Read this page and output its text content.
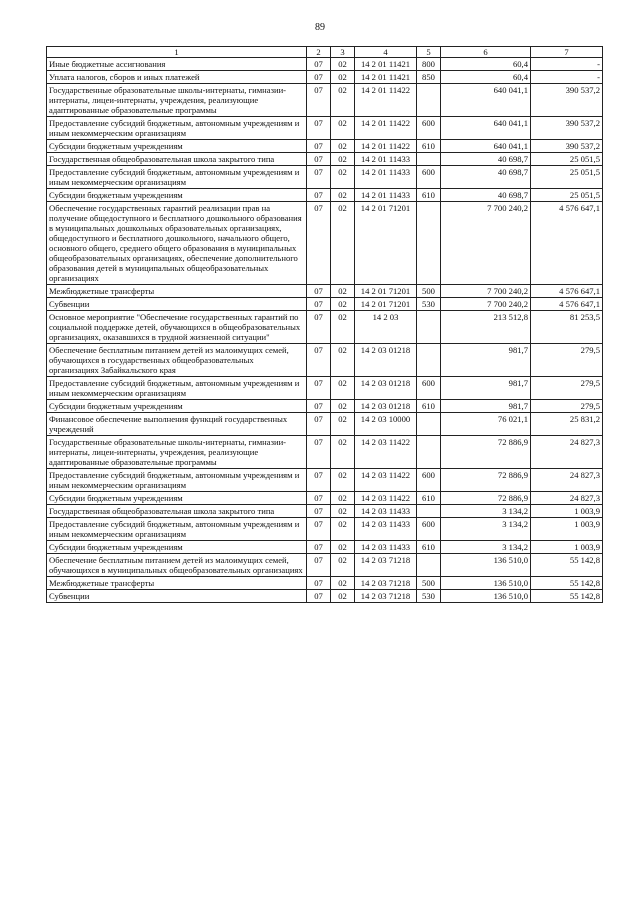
89
1	2	3	4	5	6	7
Иные бюджетные ассигнования	07	02	14 2 01 11421	800	60,4	-
Уплата налогов, сборов и иных платежей	07	02	14 2 01 11421	850	60,4	-
Государственные образовательные школы-интернаты, гимназии-интернаты, лицеи-интернаты, учреждения, реализующие адаптированные образовательные программы	07	02	14 2 01 11422		640 041,1	390 537,2
Предоставление субсидий бюджетным, автономным учреждениям и иным некоммерческим организациям	07	02	14 2 01 11422	600	640 041,1	390 537,2
Субсидии бюджетным учреждениям	07	02	14 2 01 11422	610	640 041,1	390 537,2
Государственная общеобразовательная школа закрытого типа	07	02	14 2 01 11433		40 698,7	25 051,5
Предоставление субсидий бюджетным, автономным учреждениям и иным некоммерческим организациям	07	02	14 2 01 11433	600	40 698,7	25 051,5
Субсидии бюджетным учреждениям	07	02	14 2 01 11433	610	40 698,7	25 051,5
Обеспечение государственных гарантий реализации прав на получение общедоступного и бесплатного дошкольного образования в муниципальных дошкольных образовательных организациях, общедоступного и бесплатного дошкольного, начального общего, основного общего, среднего общего образования в муниципальных общеобразовательных организациях, обеспечение дополнительного образования детей в муниципальных общеобразовательных организациях	07	02	14 2 01 71201		7 700 240,2	4 576 647,1
Межбюджетные трансферты	07	02	14 2 01 71201	500	7 700 240,2	4 576 647,1
Субвенции	07	02	14 2 01 71201	530	7 700 240,2	4 576 647,1
Основное мероприятие "Обеспечение государственных гарантий по социальной поддержке детей, обучающихся в общеобразовательных организациях, оказавшихся в трудной жизненной ситуации"	07	02	14 2 03		213 512,8	81 253,5
Обеспечение бесплатным питанием детей из малоимущих семей, обучающихся в государственных общеобразовательных организациях Забайкальского края	07	02	14 2 03 01218		981,7	279,5
Предоставление субсидий бюджетным, автономным учреждениям и иным некоммерческим организациям	07	02	14 2 03 01218	600	981,7	279,5
Субсидии бюджетным учреждениям	07	02	14 2 03 01218	610	981,7	279,5
Финансовое обеспечение выполнения функций государственных учреждений	07	02	14 2 03 10000		76 021,1	25 831,2
Государственные образовательные школы-интернаты, гимназии-интернаты, лицеи-интернаты, учреждения, реализующие адаптированные образовательные программы	07	02	14 2 03 11422		72 886,9	24 827,3
Предоставление субсидий бюджетным, автономным учреждениям и иным некоммерческим организациям	07	02	14 2 03 11422	600	72 886,9	24 827,3
Субсидии бюджетным учреждениям	07	02	14 2 03 11422	610	72 886,9	24 827,3
Государственная общеобразовательная школа закрытого типа	07	02	14 2 03 11433		3 134,2	1 003,9
Предоставление субсидий бюджетным, автономным учреждениям и иным некоммерческим организациям	07	02	14 2 03 11433	600	3 134,2	1 003,9
Субсидии бюджетным учреждениям	07	02	14 2 03 11433	610	3 134,2	1 003,9
Обеспечение бесплатным питанием детей из малоимущих семей, обучающихся в муниципальных общеобразовательных организациях	07	02	14 2 03 71218		136 510,0	55 142,8
Межбюджетные трансферты	07	02	14 2 03 71218	500	136 510,0	55 142,8
Субвенции	07	02	14 2 03 71218	530	136 510,0	55 142,8
